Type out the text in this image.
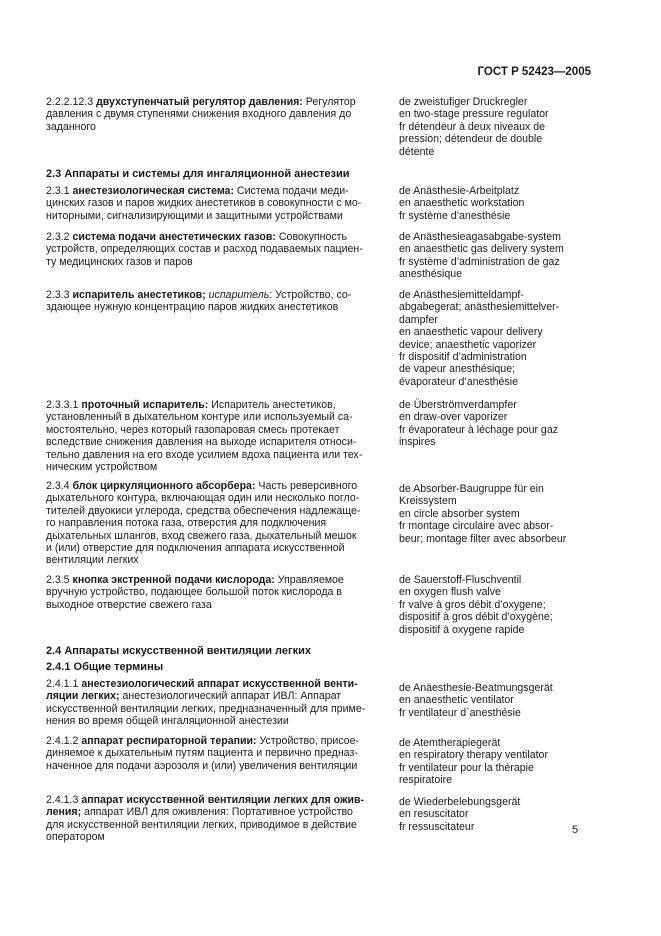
ГОСТ Р 52423—2005
2.2.2.12.3 двухступенчатый регулятор давления: Регулятор
давления с двумя ступенями снижения входного давления до
заданного
de zweistufiger Druckregler
en two-stage pressure regulator
fr détendeur à deux niveaux de
pression; détendeur de double
détente
2.3 Аппараты и системы для ингаляционной анестезии
2.3.1 анестезиологическая система: Система подачи меди-
цинских газов и паров жидких анестетиков в совокупности с мо-
ниторными, сигнализирующими и защитными устройствами
de Anästhesie-Arbeitplatz
en anaesthetic workstation
fr système d’anesthésie
2.3.2 система подачи анестетических газов: Совокупность
устройств, определяющих состав и расход подаваемых пациен-
ту медицинских газов и паров
de Anästhesieagasabgabe-system
en anaesthetic gas delivery system
fr système d’administration de gaz
anesthésique
2.3.3 испаритель анестетиков; испаритель: Устройство, со-
здающее нужную концентрацию паров жидких анестетиков
de Anästhesiemitteldampf-
abgabegerat; anästhesiemittelver-
dampfer
en anaesthetic vapour delivery
device; anaesthetic vaporizer
fr dispositif d’administration
de vapeur anesthésique;
évaporateur d’anesthésie
2.3.3.1 проточный испаритель: Испаритель анестетиков,
установленный в дыхательном контуре или используемый са-
мостоятельно, через который газопаровая смесь протекает
вследствие снижения давления на выходе испарителя относи-
тельно давления на его входе усилием вдоха пациента или тех-
ническим устройством
de Überströmverdampfer
en draw-over vaporizer
fr évaporateur à léchage pour gaz
inspires
2.3.4 блок циркуляционного абсорбера: Часть реверсивного
дыхательного контура, включающая один или несколько погло-
тителей двуокиси углерода, средства обеспечения надлежаще-
го направления потока газа, отверстия для подключения
дыхательных шлангов, вход свежего газа, дыхательный мешок
и (или) отверстие для подключения аппарата искусственной
вентиляции легких
de Absorber-Baugruppe für ein
Kreissystem
en circle absorber system
fr montage circulaire avec absor-
beur; montage filter avec absorbeur
2.3.5 кнопка экстренной подачи кислорода: Управляемое
вручную устройство, подающее большой поток кислорода в
выходное отверстие свежего газа
de Sauerstoff-Fluschventil
en oxygen flush valve
fr valve à gros débit d’oxygene;
dispositif à gros débit d’oxygène;
dispositif à oxygene rapide
2.4 Аппараты искусственной вентиляции легких
2.4.1 Общие термины
2.4.1.1 анестезиологический аппарат искусственной венти-
ляции легких; анестезиологический аппарат ИВЛ: Аппарат
искусственной вентиляции легких, предназначенный для приме-
нения во время общей ингаляционной анестезии
de Anäesthesie-Beatmungsgerät
en anaesthetic ventilator
fr ventilateur d`anesthésie
2.4.1.2 аппарат респираторной терапии: Устройство, присое-
диняемое к дыхательным путям пациента и первично предназ-
наченное для подачи аэрозоля и (или) увеличения вентиляции
de Atemtherapiegerät
en respiratory therapy ventilator
fr ventilateur pour la thérapie
respiratoire
2.4.1.3 аппарат искусственной вентиляции легких для ожив-
ления; аппарат ИВЛ для оживления: Портативное устройство
для искусственной вентиляции легких, приводимое в действие
оператором
de Wiederbelebungsgerät
en resuscitator
fr ressuscitateur	5
